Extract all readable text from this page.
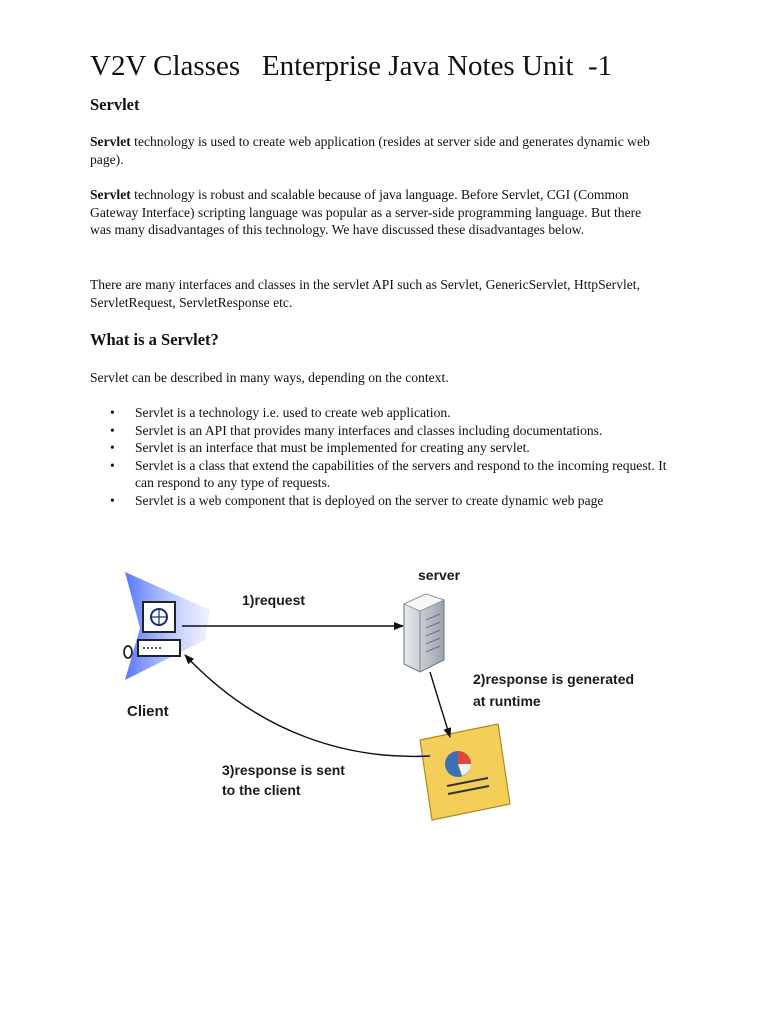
V2V Classes   Enterprise Java Notes Unit  -1
Servlet

Servlet technology is used to create web application (resides at server side and generates dynamic web page).

Servlet technology is robust and scalable because of java language. Before Servlet, CGI (Common Gateway Interface) scripting language was popular as a server-side programming language. But there was many disadvantages of this technology. We have discussed these disadvantages below.

There are many interfaces and classes in the servlet API such as Servlet, GenericServlet, HttpServlet, ServletRequest, ServletResponse etc.

What is a Servlet?

Servlet can be described in many ways, depending on the context.

• Servlet is a technology i.e. used to create web application.
• Servlet is an API that provides many interfaces and classes including documentations.
• Servlet is an interface that must be implemented for creating any servlet.
• Servlet is a class that extend the capabilities of the servers and respond to the incoming request. It can respond to any type of requests.
• Servlet is a web component that is deployed on the server to create dynamic web page
server
1)request
Client
2)response is generated
at runtime
3)response is sent
to the client
